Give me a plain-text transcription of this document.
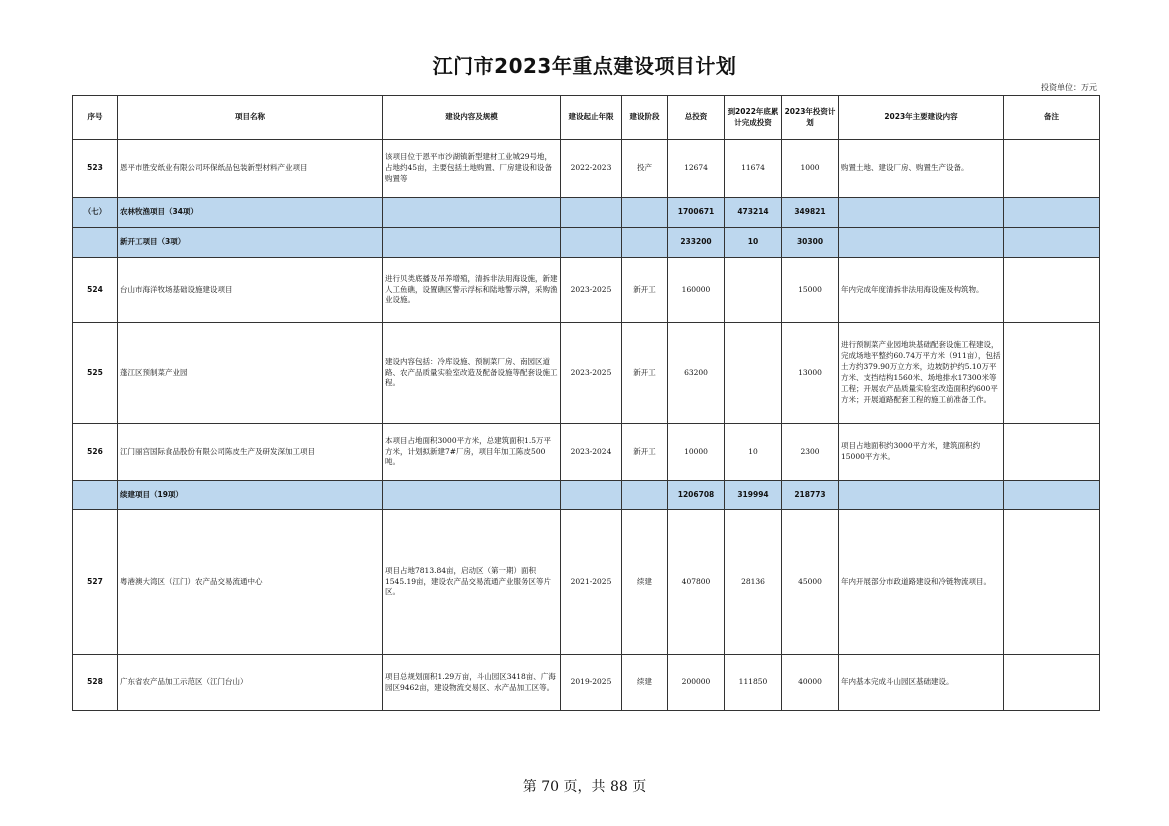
江门市2023年重点建设项目计划
投资单位：万元
序号	项目名称	建设内容及规模	建设起止年限	建设阶段	总投资	到2022年底累计完成投资	2023年投资计划	2023年主要建设内容	备注
523	恩平市胜安纸业有限公司环保纸品包装新型材料产业项目	该项目位于恩平市沙湖镇新型建材工业城29号地，占地约45亩，主要包括土地购置、厂房建设和设备购置等	2022-2023	投产	12674	11674	1000	购置土地、建设厂房、购置生产设备。	
（七）	农林牧渔项目（34项）				1700671	473214	349821		
	新开工项目（3项）				233200	10	30300		
524	台山市海洋牧场基础设施建设项目	进行贝类底播及吊养增殖，清拆非法用海设施，新建人工鱼礁，设置礁区警示浮标和陆地警示牌，采购渔业设施。	2023-2025	新开工	160000		15000	年内完成年度清拆非法用海设施及构筑物。	
525	蓬江区预制菜产业园	建设内容包括：冷库设施、预制菜厂房、南园区道路、农产品质量实验室改造及配备设施等配套设施工程。	2023-2025	新开工	63200		13000	进行预制菜产业园地块基础配套设施工程建设，完成场地平整约60.74万平方米（911亩），包括土方约379.90万立方米，边坡防护约5.10万平方米、支挡结构1560米、场地排水17300米等工程；开展农产品质量实验室改造面积约600平方米；开展道路配套工程的施工前准备工作。	
526	江门丽宫国际食品股份有限公司陈皮生产及研发深加工项目	本项目占地面积3000平方米，总建筑面积1.5万平方米，计划拟新建7#厂房，项目年加工陈皮500吨。	2023-2024	新开工	10000	10	2300	项目占地面积约3000平方米，建筑面积约15000平方米。	
	续建项目（19项）				1206708	319994	218773		
527	粤港澳大湾区（江门）农产品交易流通中心	项目占地7813.84亩，启动区（第一期）面积1545.19亩，建设农产品交易流通产业服务区等片区。	2021-2025	续建	407800	28136	45000	年内开展部分市政道路建设和冷链物流项目。	
528	广东省农产品加工示范区（江门台山）	项目总规划面积1.29万亩，斗山园区3418亩、广海园区9462亩，建设物流交易区、水产品加工区等。	2019-2025	续建	200000	111850	40000	年内基本完成斗山园区基础建设。	
第 70 页，共 88 页
